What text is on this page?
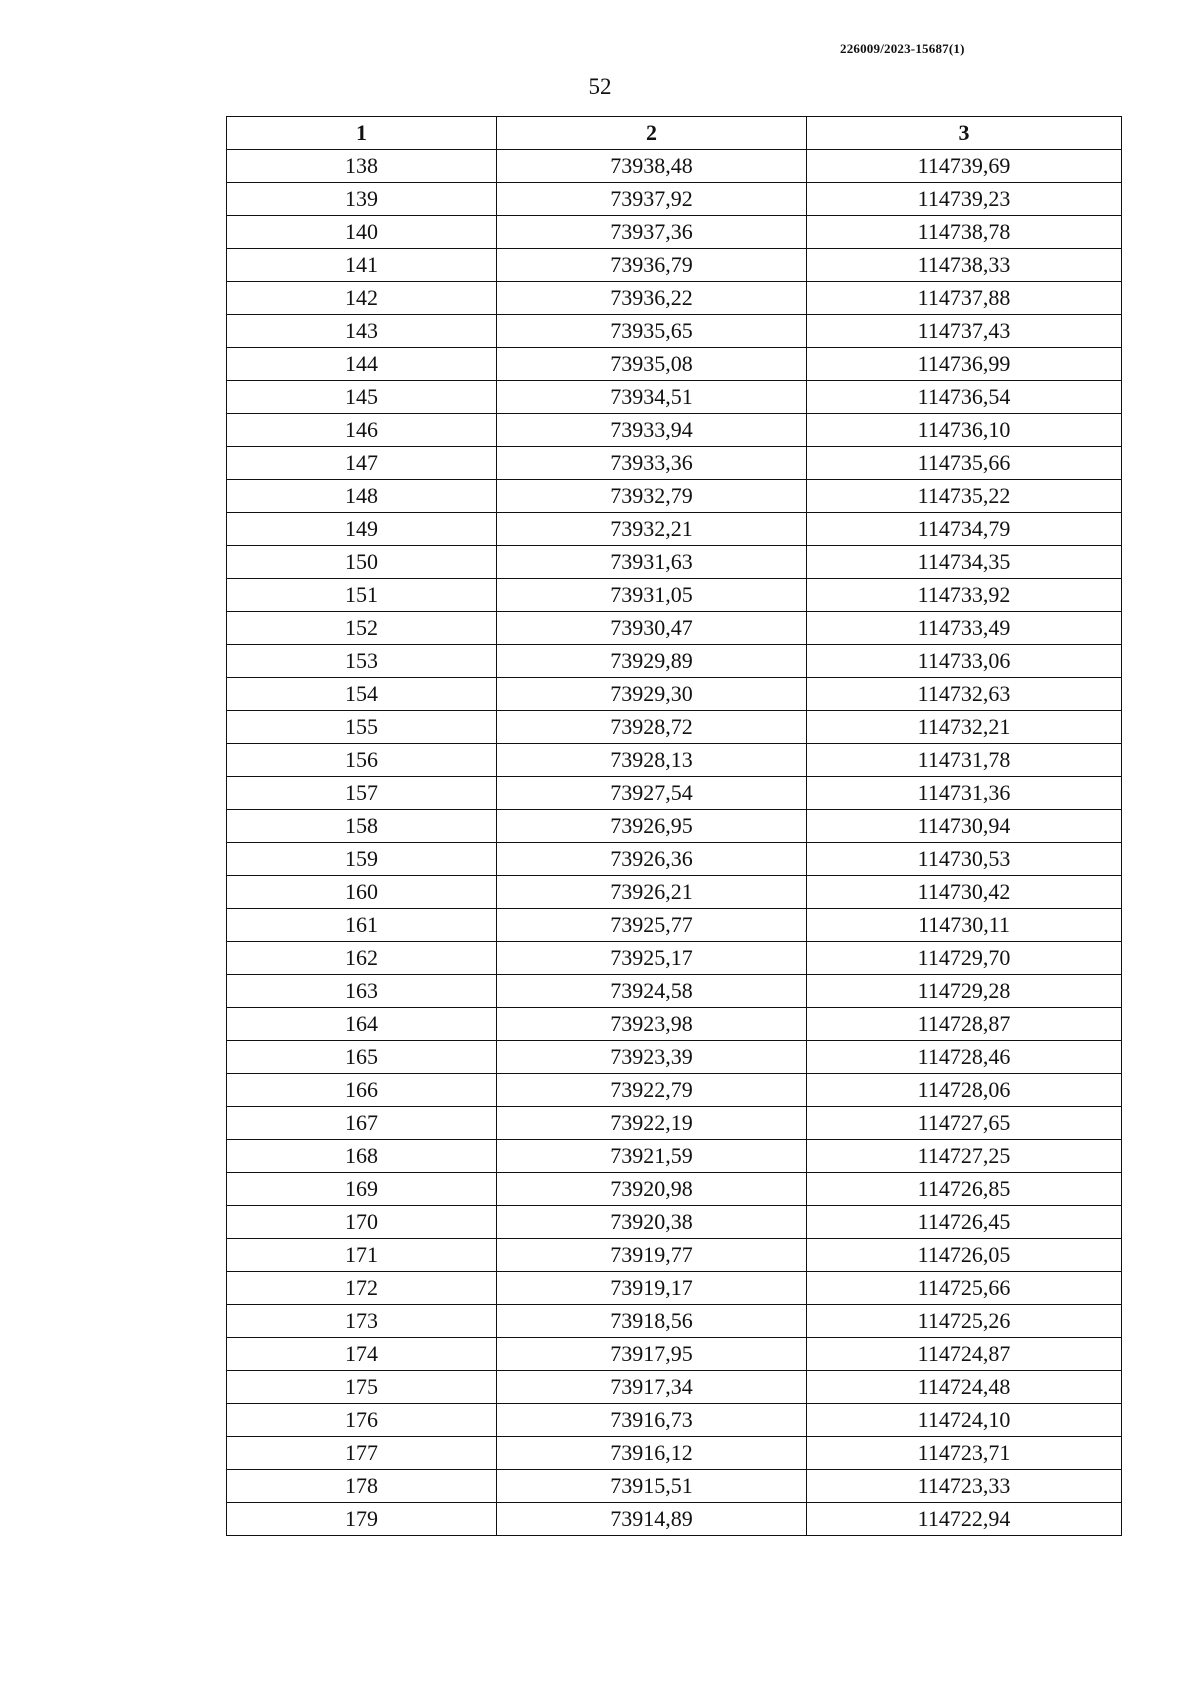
226009/2023-15687(1)
52
1	2	3
138	73938,48	114739,69
139	73937,92	114739,23
140	73937,36	114738,78
141	73936,79	114738,33
142	73936,22	114737,88
143	73935,65	114737,43
144	73935,08	114736,99
145	73934,51	114736,54
146	73933,94	114736,10
147	73933,36	114735,66
148	73932,79	114735,22
149	73932,21	114734,79
150	73931,63	114734,35
151	73931,05	114733,92
152	73930,47	114733,49
153	73929,89	114733,06
154	73929,30	114732,63
155	73928,72	114732,21
156	73928,13	114731,78
157	73927,54	114731,36
158	73926,95	114730,94
159	73926,36	114730,53
160	73926,21	114730,42
161	73925,77	114730,11
162	73925,17	114729,70
163	73924,58	114729,28
164	73923,98	114728,87
165	73923,39	114728,46
166	73922,79	114728,06
167	73922,19	114727,65
168	73921,59	114727,25
169	73920,98	114726,85
170	73920,38	114726,45
171	73919,77	114726,05
172	73919,17	114725,66
173	73918,56	114725,26
174	73917,95	114724,87
175	73917,34	114724,48
176	73916,73	114724,10
177	73916,12	114723,71
178	73915,51	114723,33
179	73914,89	114722,94
